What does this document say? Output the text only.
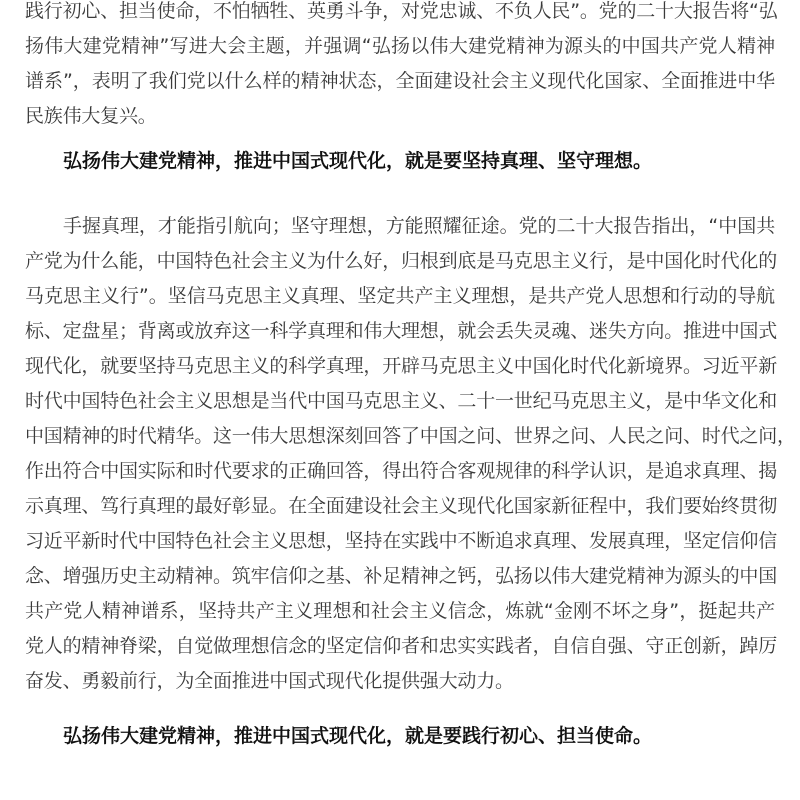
践行初心、担当使命，不怕牺牲、英勇斗争，对党忠诚、不负人民”。党的二十大报告将“弘
扬伟大建党精神”写进大会主题，并强调“弘扬以伟大建党精神为源头的中国共产党人精神
谱系”，表明了我们党以什么样的精神状态，全面建设社会主义现代化国家、全面推进中华
民族伟大复兴。
弘扬伟大建党精神，推进中国式现代化，就是要坚持真理、坚守理想。
手握真理，才能指引航向；坚守理想，方能照耀征途。党的二十大报告指出，“中国共
产党为什么能，中国特色社会主义为什么好，归根到底是马克思主义行，是中国化时代化的
马克思主义行”。坚信马克思主义真理、坚定共产主义理想，是共产党人思想和行动的导航
标、定盘星；背离或放弃这一科学真理和伟大理想，就会丢失灵魂、迷失方向。推进中国式
现代化，就要坚持马克思主义的科学真理，开辟马克思主义中国化时代化新境界。习近平新
时代中国特色社会主义思想是当代中国马克思主义、二十一世纪马克思主义，是中华文化和
中国精神的时代精华。这一伟大思想深刻回答了中国之问、世界之问、人民之问、时代之问，
作出符合中国实际和时代要求的正确回答，得出符合客观规律的科学认识，是追求真理、揭
示真理、笃行真理的最好彰显。在全面建设社会主义现代化国家新征程中，我们要始终贯彻
习近平新时代中国特色社会主义思想，坚持在实践中不断追求真理、发展真理，坚定信仰信
念、增强历史主动精神。筑牢信仰之基、补足精神之钙，弘扬以伟大建党精神为源头的中国
共产党人精神谱系，坚持共产主义理想和社会主义信念，炼就“金刚不坏之身”，挺起共产
党人的精神脊梁，自觉做理想信念的坚定信仰者和忠实实践者，自信自强、守正创新，踔厉
奋发、勇毅前行，为全面推进中国式现代化提供强大动力。
弘扬伟大建党精神，推进中国式现代化，就是要践行初心、担当使命。
